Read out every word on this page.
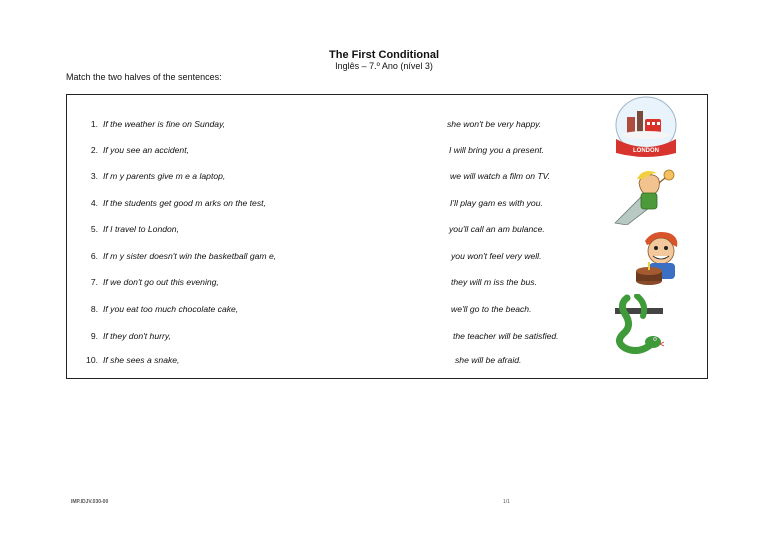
The First Conditional
Inglês – 7.º Ano (nível 3)
Match the two halves of the sentences:
1. If the weather is fine on Sunday,
2. If you see an accident,
3. If m y parents give m e a laptop,
4. If the students get good m arks on the test,
5. If I travel to London,
6. If m y sister doesn't win the basketball gam e,
7. If we don't go out this evening,
8. If you eat too much chocolate cake,
9. If they don't hurry,
10. If she sees a snake,
she won't be very happy.
I will bring you a present.
we will watch a film on TV.
I'll play gam es with you.
you'll call an am bulance.
you won't feel very well.
they will m iss the bus.
we'll go to the beach.
the teacher will be satisfied.
she will be afraid.
LONDON
IMP.IDJV.030-00	1/1
